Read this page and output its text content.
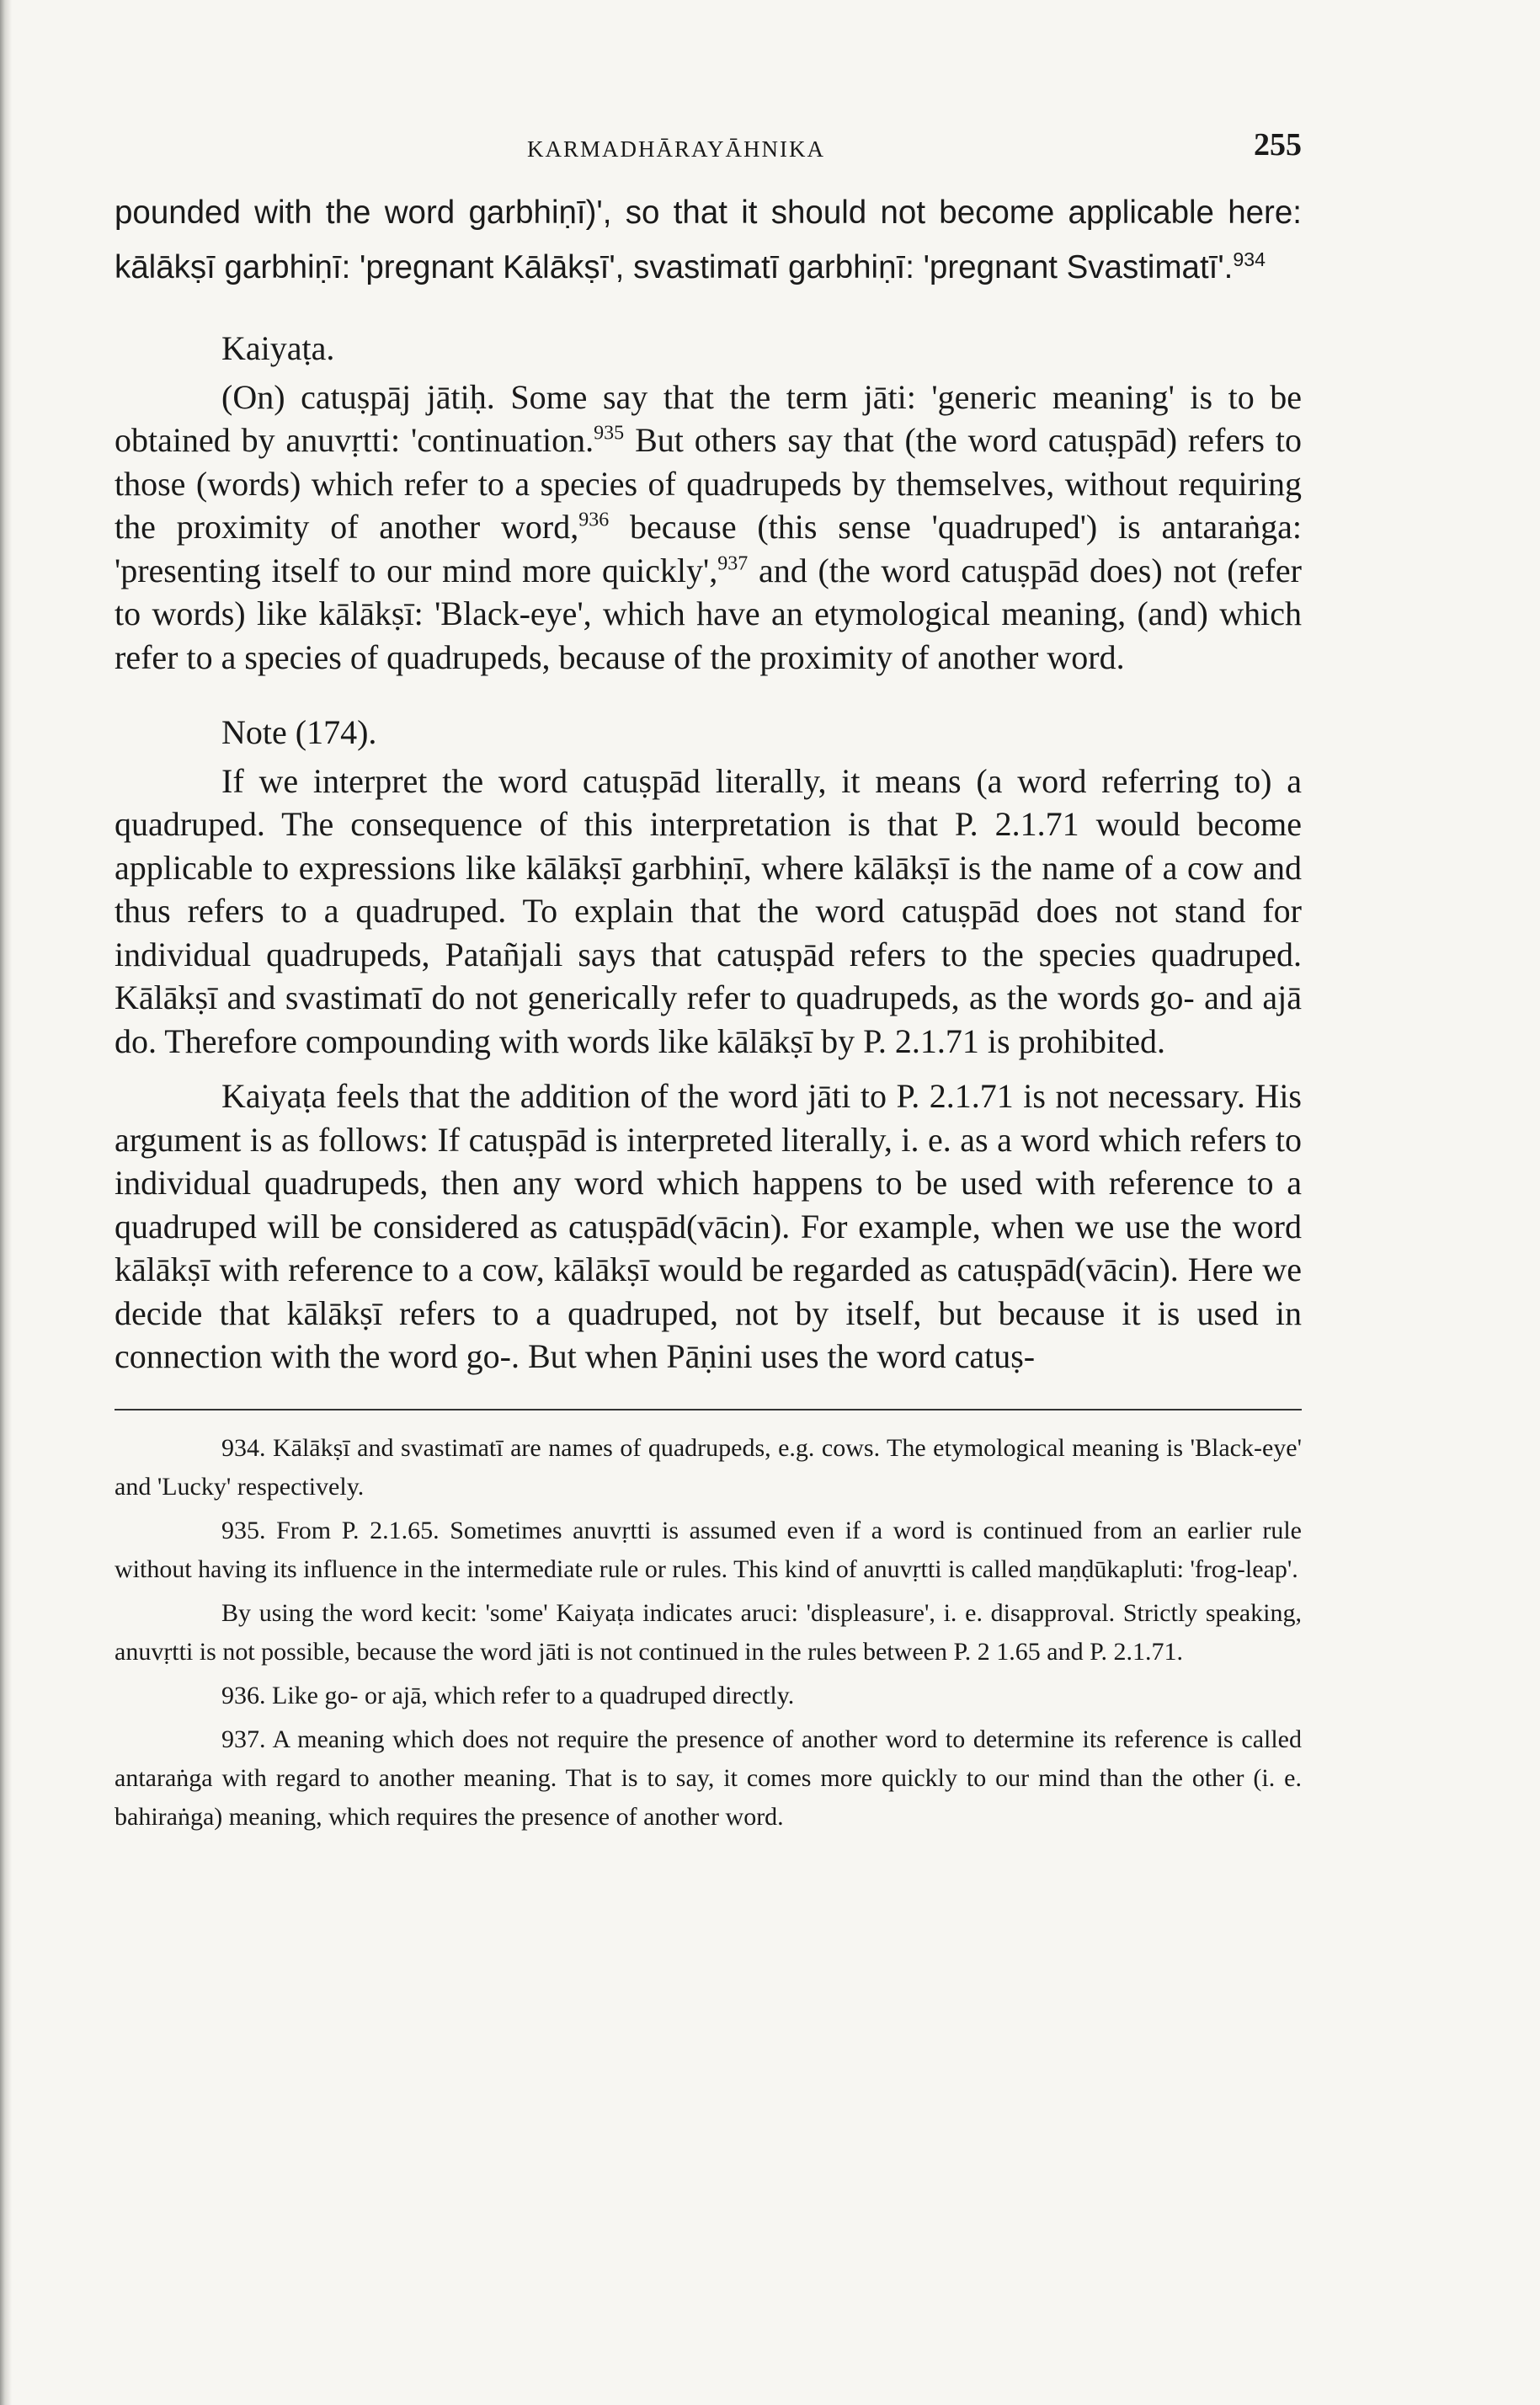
KARMADHĀRAYĀHNIKA	255

pounded with the word garbhiṇī)', so that it should not become applicable here: kālākṣī garbhiṇī: 'pregnant Kālākṣī', svastimatī garbhiṇī: 'pregnant Svastimatī'.$^{934}$

Kaiyaṭa.

(On) catuṣpāj jātiḥ. Some say that the term jāti: 'generic meaning' is to be obtained by anuvṛtti: 'continuation.$^{935}$ But others say that (the word catuṣpād) refers to those (words) which refer to a species of quadrupeds by themselves, without requiring the proximity of another word,$^{936}$ because (this sense 'quadruped') is antaraṅga: 'presenting itself to our mind more quickly',$^{937}$ and (the word catuṣpād does) not (refer to words) like kālākṣī: 'Black-eye', which have an etymological meaning, (and) which refer to a species of quadrupeds, because of the proximity of another word.

Note (174).

If we interpret the word catuṣpād literally, it means (a word referring to) a quadruped. The consequence of this interpretation is that P. 2.1.71 would become applicable to expressions like kālākṣī garbhiṇī, where kālākṣī is the name of a cow and thus refers to a quadruped. To explain that the word catuṣpād does not stand for individual quadrupeds, Patañjali says that catuṣpād refers to the species quadruped. Kālākṣī and svastimatī do not generically refer to quadrupeds, as the words go- and ajā do. Therefore compounding with words like kālākṣī by P. 2.1.71 is prohibited.

Kaiyaṭa feels that the addition of the word jāti to P. 2.1.71 is not necessary. His argument is as follows: If catuṣpād is interpreted literally, i. e. as a word which refers to individual quadrupeds, then any word which happens to be used with reference to a quadruped will be considered as catuṣpād(vācin). For example, when we use the word kālākṣī with reference to a cow, kālākṣī would be regarded as catuṣpād(vācin). Here we decide that kālākṣī refers to a quadruped, not by itself, but because it is used in connection with the word go-. But when Pāṇini uses the word catuṣ-

934. Kālākṣī and svastimatī are names of quadrupeds, e.g. cows. The etymological meaning is 'Black-eye' and 'Lucky' respectively.

935. From P. 2.1.65. Sometimes anuvṛtti is assumed even if a word is continued from an earlier rule without having its influence in the intermediate rule or rules. This kind of anuvṛtti is called maṇḍūkapluti: 'frog-leap'.

By using the word kecit: 'some' Kaiyaṭa indicates aruci: 'displeasure', i. e. disapproval. Strictly speaking, anuvṛtti is not possible, because the word jāti is not continued in the rules between P. 2 1.65 and P. 2.1.71.

936. Like go- or ajā, which refer to a quadruped directly.

937. A meaning which does not require the presence of another word to determine its reference is called antaraṅga with regard to another meaning. That is to say, it comes more quickly to our mind than the other (i. e. bahiraṅga) meaning, which requires the presence of another word.
